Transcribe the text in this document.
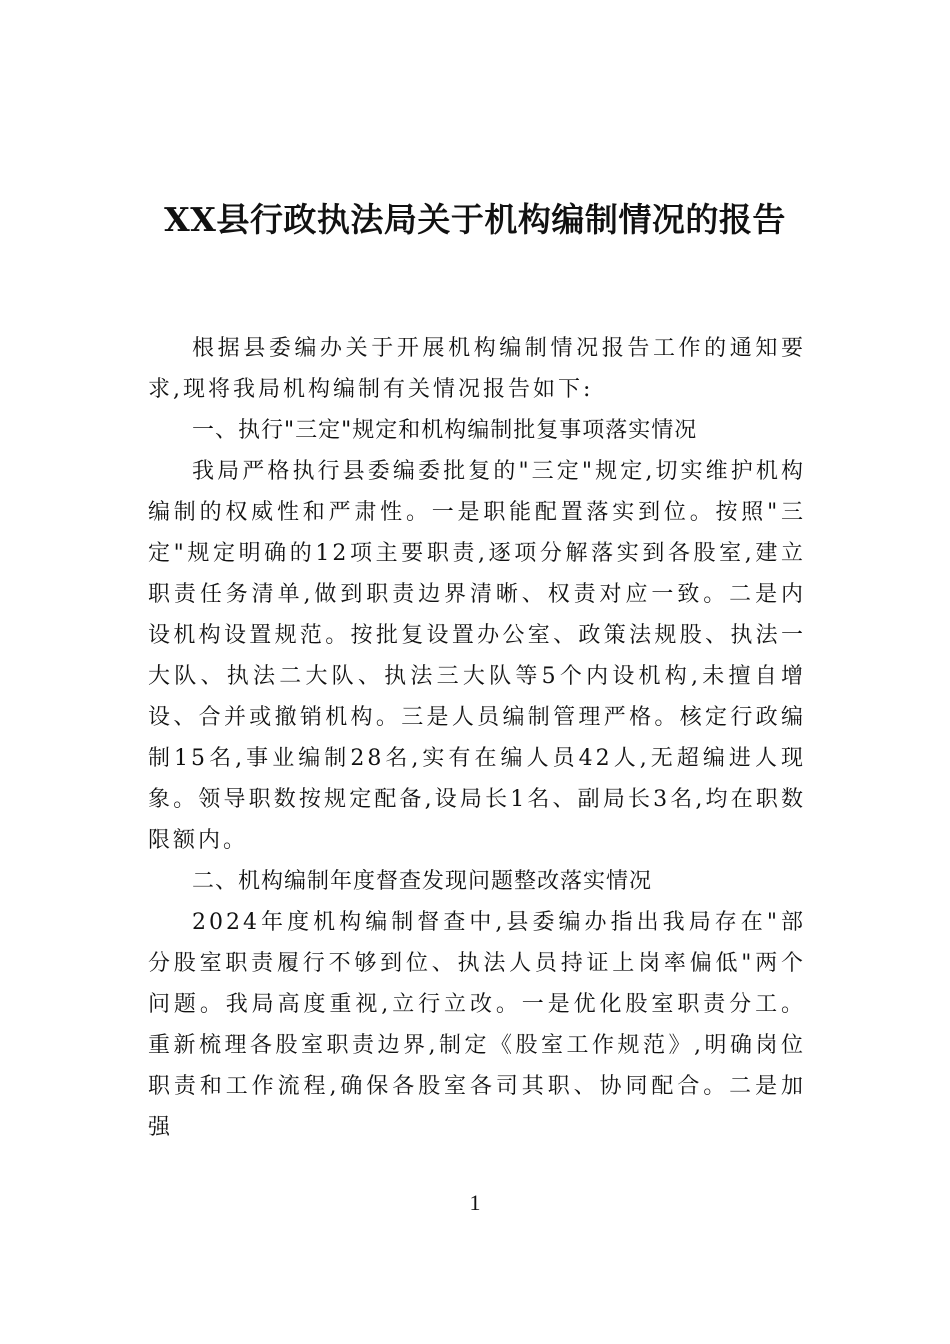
XX县行政执法局关于机构编制情况的报告

根据县委编办关于开展机构编制情况报告工作的通知要求,现将我局机构编制有关情况报告如下:

一、执行"三定"规定和机构编制批复事项落实情况

我局严格执行县委编委批复的"三定"规定,切实维护机构编制的权威性和严肃性。一是职能配置落实到位。按照"三定"规定明确的12项主要职责,逐项分解落实到各股室,建立职责任务清单,做到职责边界清晰、权责对应一致。二是内设机构设置规范。按批复设置办公室、政策法规股、执法一大队、执法二大队、执法三大队等5个内设机构,未擅自增设、合并或撤销机构。三是人员编制管理严格。核定行政编制15名,事业编制28名,实有在编人员42人,无超编进人现象。领导职数按规定配备,设局长1名、副局长3名,均在职数限额内。

二、机构编制年度督查发现问题整改落实情况

2024年度机构编制督查中,县委编办指出我局存在"部分股室职责履行不够到位、执法人员持证上岗率偏低"两个问题。我局高度重视,立行立改。一是优化股室职责分工。重新梳理各股室职责边界,制定《股室工作规范》,明确岗位职责和工作流程,确保各股室各司其职、协同配合。二是加强

1
